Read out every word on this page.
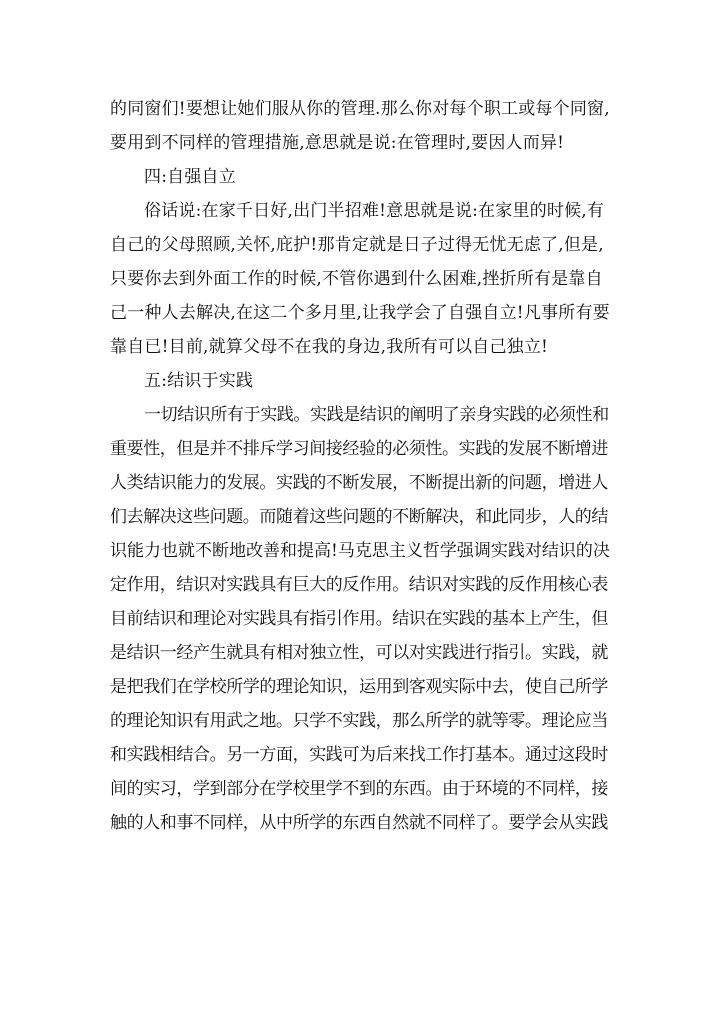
的同窗们!要想让她们服从你的管理.那么你对每个职工或每个同窗,
要用到不同样的管理措施,意思就是说:在管理时,要因人而异!
四:自强自立
俗话说:在家千日好,出门半招难!意思就是说:在家里的时候,有
自己的父母照顾,关怀,庇护!那肯定就是日子过得无忧无虑了,但是,
只要你去到外面工作的时候,不管你遇到什么困难,挫折所有是靠自
己一种人去解决,在这二个多月里,让我学会了自强自立!凡事所有要
靠自已!目前,就算父母不在我的身边,我所有可以自己独立!
五:结识于实践
一切结识所有于实践。实践是结识的阐明了亲身实践的必须性和
重要性，但是并不排斥学习间接经验的必须性。实践的发展不断增进
人类结识能力的发展。实践的不断发展，不断提出新的问题，增进人
们去解决这些问题。而随着这些问题的不断解决，和此同步，人的结
识能力也就不断地改善和提高!马克思主义哲学强调实践对结识的决
定作用，结识对实践具有巨大的反作用。结识对实践的反作用核心表
目前结识和理论对实践具有指引作用。结识在实践的基本上产生，但
是结识一经产生就具有相对独立性，可以对实践进行指引。实践，就
是把我们在学校所学的理论知识，运用到客观实际中去，使自己所学
的理论知识有用武之地。只学不实践，那么所学的就等零。理论应当
和实践相结合。另一方面，实践可为后来找工作打基本。通过这段时
间的实习，学到部分在学校里学不到的东西。由于环境的不同样，接
触的人和事不同样，从中所学的东西自然就不同样了。要学会从实践
